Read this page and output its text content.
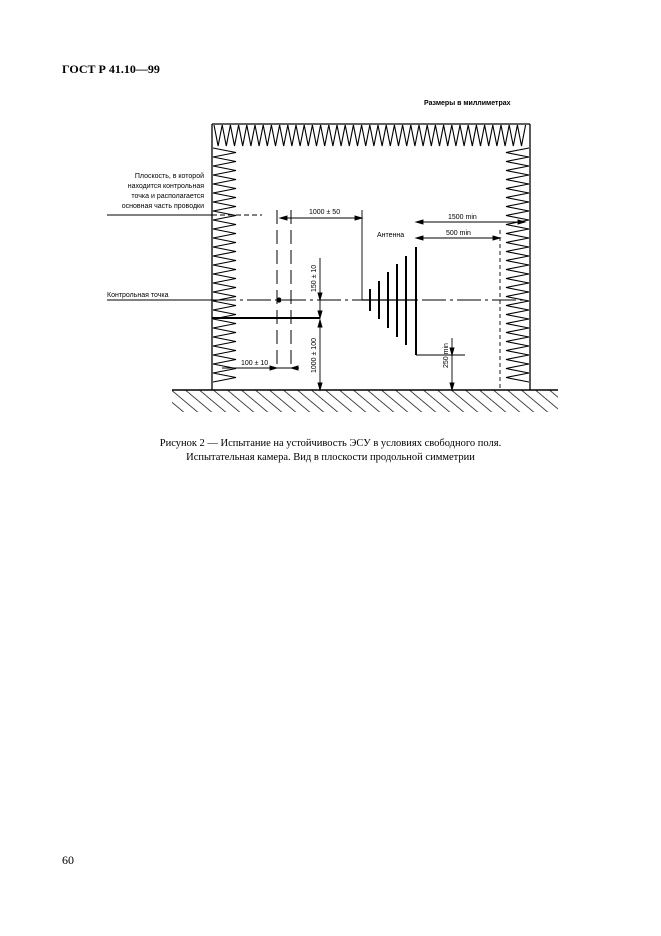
ГОСТ Р 41.10—99
Размеры в миллиметрах
Плоскость, в которой
находится контрольная
точка и располагается
основная часть проводки
Контрольная точка
Антенна
1000 ± 50
1500 min
500 min
150 ± 10
1000 ± 100	250 min
100 ± 10
Рисунок 2 — Испытание на устойчивость ЭСУ в условиях свободного поля.
Испытательная камера. Вид в плоскости продольной симметрии
60
